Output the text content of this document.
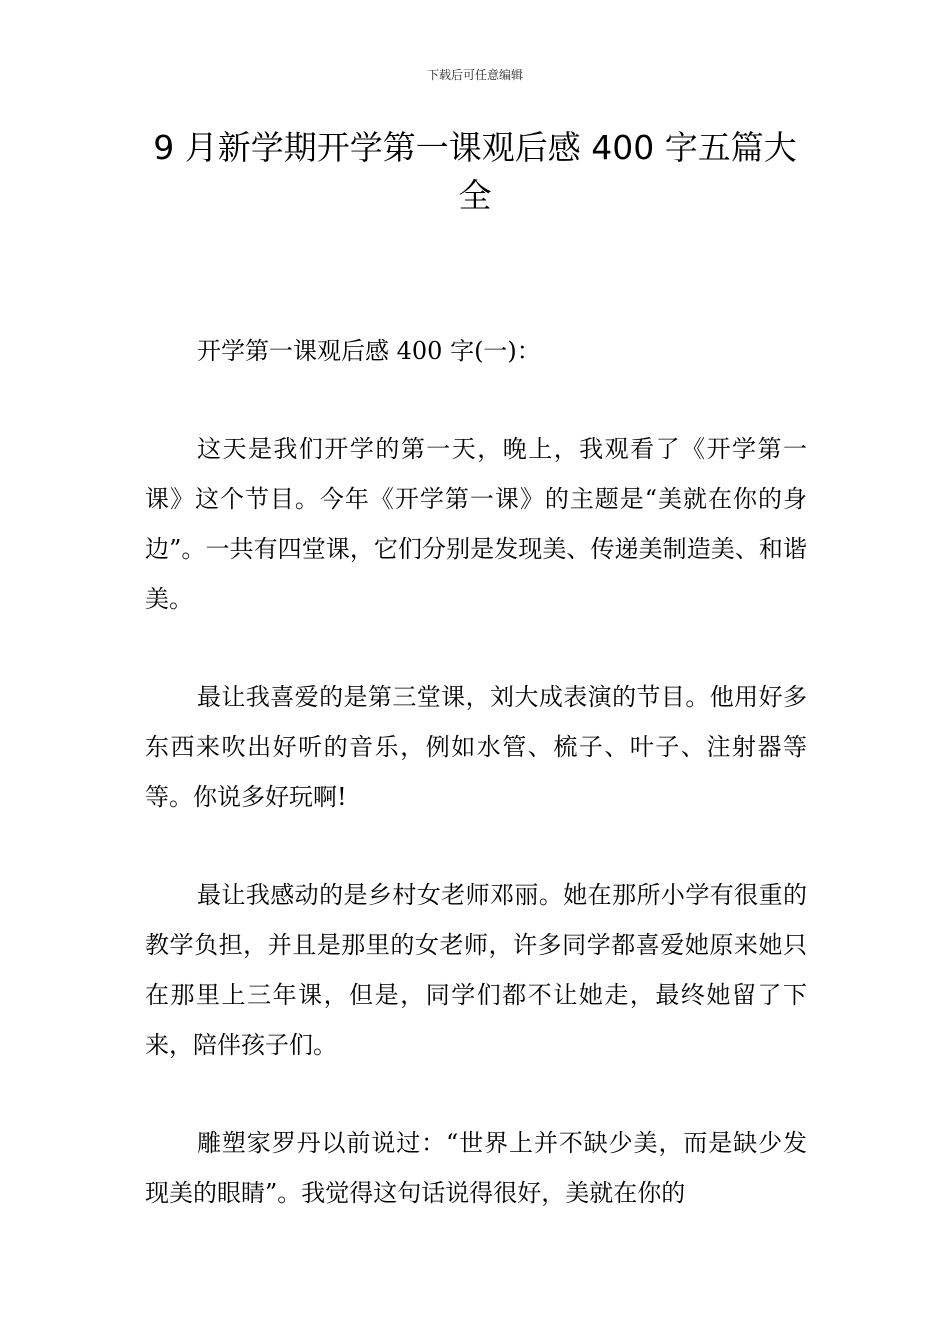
下载后可任意编辑
9 月新学期开学第一课观后感 400 字五篇大全

开学第一课观后感 400 字(一)：

这天是我们开学的第一天，晚上，我观看了《开学第一课》这个节目。今年《开学第一课》的主题是“美就在你的身边”。一共有四堂课，它们分别是发现美、传递美制造美、和谐美。

最让我喜爱的是第三堂课，刘大成表演的节目。他用好多东西来吹出好听的音乐，例如水管、梳子、叶子、注射器等等。你说多好玩啊!

最让我感动的是乡村女老师邓丽。她在那所小学有很重的教学负担，并且是那里的女老师，许多同学都喜爱她原来她只在那里上三年课，但是，同学们都不让她走，最终她留了下来，陪伴孩子们。

雕塑家罗丹以前说过：“世界上并不缺少美，而是缺少发现美的眼睛”。我觉得这句话说得很好，美就在你的
